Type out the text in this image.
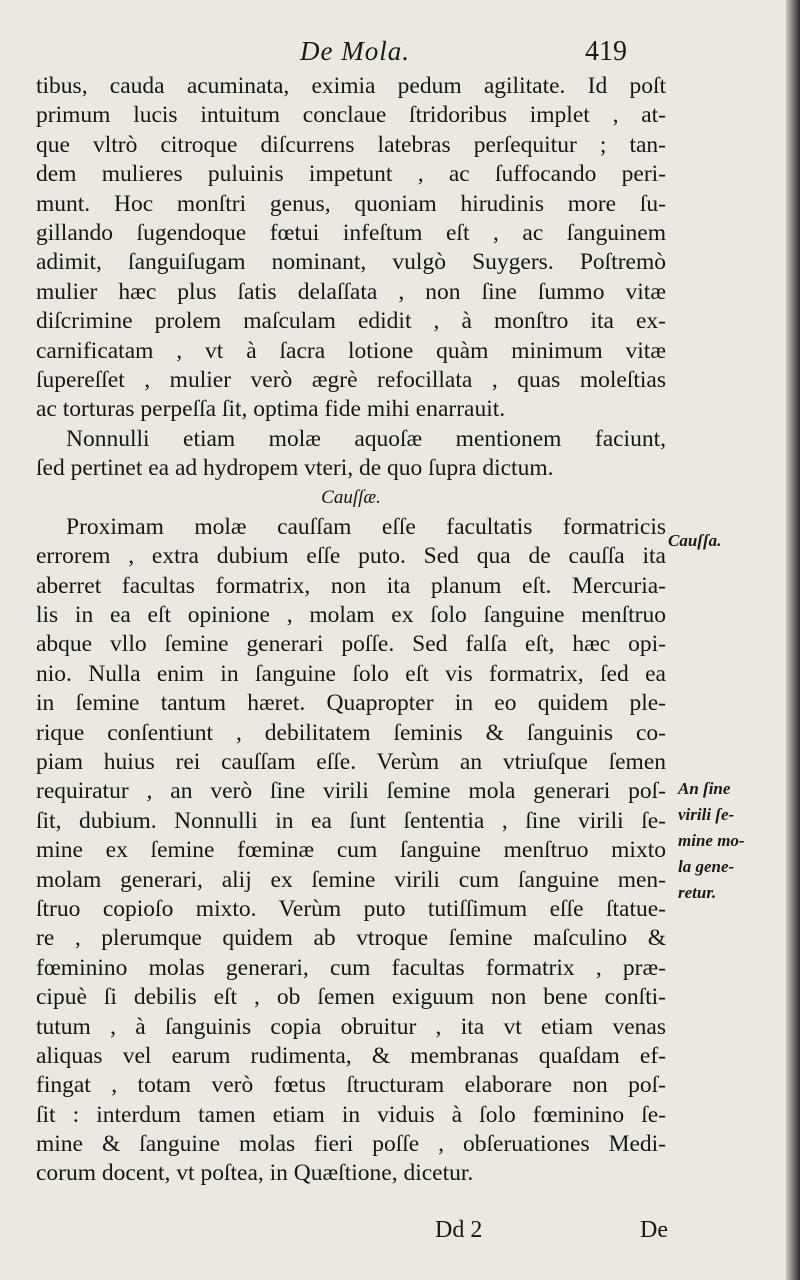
De Mola.	419
tibus, cauda acuminata, eximia pedum agilitate. Id poſt
primum lucis intuitum conclaue ſtridoribus implet , at-
que vltrò citroque diſcurrens latebras perſequitur ; tan-
dem mulieres puluinis impetunt , ac ſuffocando peri-
munt. Hoc monſtri genus, quoniam hirudinis more ſu-
gillando ſugendoque fœtui infeſtum eſt , ac ſanguinem
adimit, ſanguiſugam nominant, vulgò Suygers. Poſtremò
mulier hæc plus ſatis delaſſata , non ſine ſummo vitæ
diſcrimine prolem maſculam edidit , à monſtro ita ex-
carnificatam , vt à ſacra lotione quàm minimum vitæ
ſupereſſet , mulier verò ægrè refocillata , quas moleſtias
ac torturas perpeſſa ſit, optima fide mihi enarrauit.
Nonnulli etiam molæ aquoſæ mentionem faciunt,
ſed pertinet ea ad hydropem vteri, de quo ſupra dictum.
Cauſſæ.
Proximam molæ cauſſam eſſe facultatis formatricis
errorem , extra dubium eſſe puto. Sed qua de cauſſa ita
aberret facultas formatrix, non ita planum eſt. Mercuria-
lis in ea eſt opinione , molam ex ſolo ſanguine menſtruo
abque vllo ſemine generari poſſe. Sed falſa eſt, hæc opi-
nio. Nulla enim in ſanguine ſolo eſt vis formatrix, ſed ea
in ſemine tantum hæret. Quapropter in eo quidem ple-
rique conſentiunt , debilitatem ſeminis & ſanguinis co-
piam huius rei cauſſam eſſe. Verùm an vtriuſque ſemen
requiratur , an verò ſine virili ſemine mola generari poſ-
ſit, dubium. Nonnulli in ea ſunt ſententia , ſine virili ſe-
mine ex ſemine fœminæ cum ſanguine menſtruo mixto
molam generari, alij ex ſemine virili cum ſanguine men-
ſtruo copioſo mixto. Verùm puto tutiſſimum eſſe ſtatue-
re , plerumque quidem ab vtroque ſemine maſculino &
fœminino molas generari, cum facultas formatrix , præ-
cipuè ſi debilis eſt , ob ſemen exiguum non bene conſti-
tutum , à ſanguinis copia obruitur , ita vt etiam venas
aliquas vel earum rudimenta, & membranas quaſdam ef-
fingat , totam verò fœtus ſtructuram elaborare non poſ-
ſit : interdum tamen etiam in viduis à ſolo fœminino ſe-
mine & ſanguine molas fieri poſſe , obſeruationes Medi-
corum docent, vt poſtea, in Quæſtione, dicetur.
Cauſſa.
An ſine
virili ſe-
mine mo-
la gene-
retur.
Dd 2	De
